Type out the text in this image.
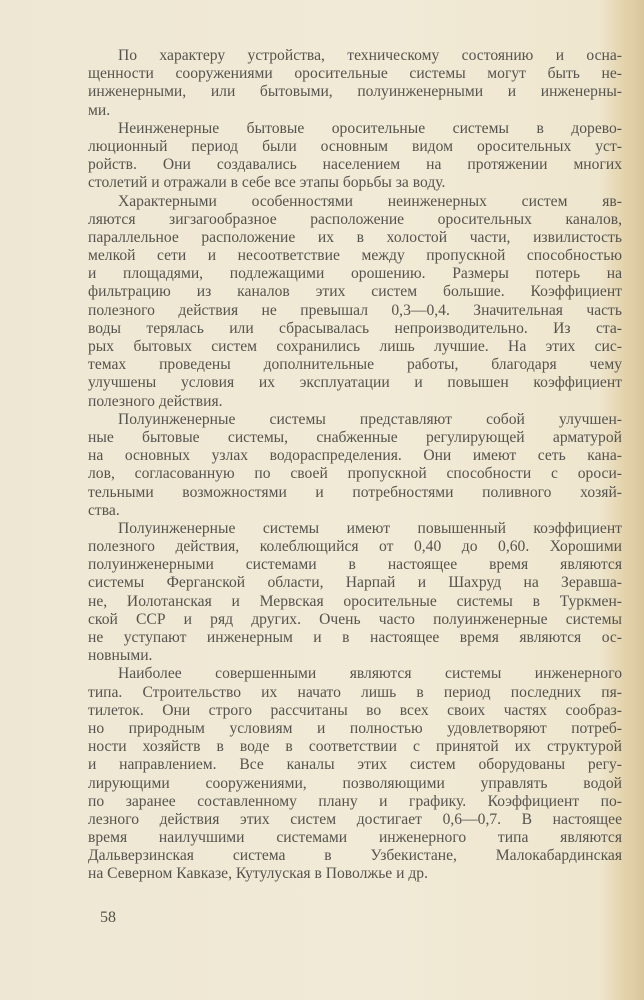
По характеру устройства, техническому состоянию и осна-
щенности сооружениями оросительные системы могут быть не-
инженерными, или бытовыми, полуинженерными и инженерны-
ми.
Неинженерные бытовые оросительные системы в дорево-
люционный период были основным видом оросительных уст-
ройств. Они создавались населением на протяжении многих
столетий и отражали в себе все этапы борьбы за воду.
Характерными особенностями неинженерных систем яв-
ляются зигзагообразное расположение оросительных каналов,
параллельное расположение их в холостой части, извилистость
мелкой сети и несоответствие между пропускной способностью
и площадями, подлежащими орошению. Размеры потерь на
фильтрацию из каналов этих систем большие. Коэффициент
полезного действия не превышал 0,3—0,4. Значительная часть
воды терялась или сбрасывалась непроизводительно. Из ста-
рых бытовых систем сохранились лишь лучшие. На этих сис-
темах проведены дополнительные работы, благодаря чему
улучшены условия их эксплуатации и повышен коэффициент
полезного действия.
Полуинженерные системы представляют собой улучшен-
ные бытовые системы, снабженные регулирующей арматурой
на основных узлах водораспределения. Они имеют сеть кана-
лов, согласованную по своей пропускной способности с ороси-
тельными возможностями и потребностями поливного хозяй-
ства.
Полуинженерные системы имеют повышенный коэффициент
полезного действия, колеблющийся от 0,40 до 0,60. Хорошими
полуинженерными системами в настоящее время являются
системы Ферганской области, Нарпай и Шахруд на Зеравша-
не, Иолотанская и Мервская оросительные системы в Туркмен-
ской ССР и ряд других. Очень часто полуинженерные системы
не уступают инженерным и в настоящее время являются ос-
новными.
Наиболее совершенными являются системы инженерного
типа. Строительство их начато лишь в период последних пя-
тилеток. Они строго рассчитаны во всех своих частях сообраз-
но природным условиям и полностью удовлетворяют потреб-
ности хозяйств в воде в соответствии с принятой их структурой
и направлением. Все каналы этих систем оборудованы регу-
лирующими сооружениями, позволяющими управлять водой
по заранее составленному плану и графику. Коэффициент по-
лезного действия этих систем достигает 0,6—0,7. В настоящее
время наилучшими системами инженерного типа являются
Дальверзинская система в Узбекистане, Малокабардинская
на Северном Кавказе, Кутулуская в Поволжье и др.
58
